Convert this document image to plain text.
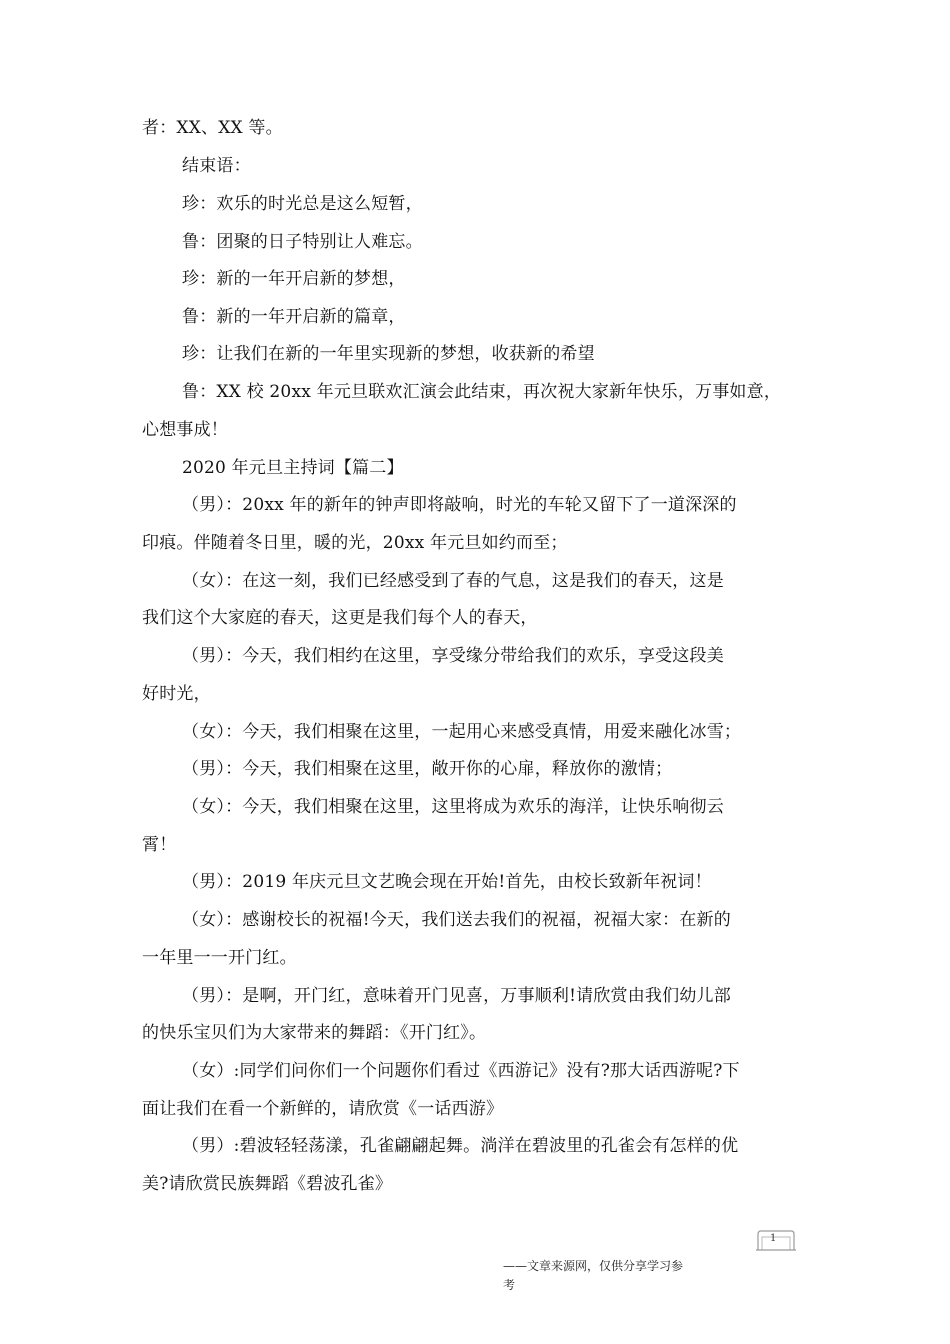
者：XX、XX 等。
结束语：
珍：欢乐的时光总是这么短暂，
鲁：团聚的日子特别让人难忘。
珍：新的一年开启新的梦想，
鲁：新的一年开启新的篇章，
珍：让我们在新的一年里实现新的梦想，收获新的希望
鲁：XX 校 20xx 年元旦联欢汇演会此结束，再次祝大家新年快乐，万事如意，
心想事成！
2020 年元旦主持词【篇二】
（男）：20xx 年的新年的钟声即将敲响，时光的车轮又留下了一道深深的
印痕。伴随着冬日里，暖的光，20xx 年元旦如约而至；
（女）：在这一刻，我们已经感受到了春的气息，这是我们的春天，这是
我们这个大家庭的春天，这更是我们每个人的春天，
（男）：今天，我们相约在这里，享受缘分带给我们的欢乐，享受这段美
好时光，
（女）：今天，我们相聚在这里，一起用心来感受真情，用爱来融化冰雪；
（男）：今天，我们相聚在这里，敞开你的心扉，释放你的激情；
（女）：今天，我们相聚在这里，这里将成为欢乐的海洋，让快乐响彻云
霄！
（男）：2019 年庆元旦文艺晚会现在开始!首先，由校长致新年祝词！
（女）：感谢校长的祝福!今天，我们送去我们的祝福，祝福大家：在新的
一年里一一开门红。
（男）：是啊，开门红，意味着开门见喜，万事顺利!请欣赏由我们幼儿部
的快乐宝贝们为大家带来的舞蹈：《开门红》。
（女）:同学们问你们一个问题你们看过《西游记》没有?那大话西游呢?下
面让我们在看一个新鲜的，请欣赏《一话西游》
（男）:碧波轻轻荡漾，孔雀翩翩起舞。淌洋在碧波里的孔雀会有怎样的优
美?请欣赏民族舞蹈《碧波孔雀》
1
——文章来源网，仅供分享学习参
考
